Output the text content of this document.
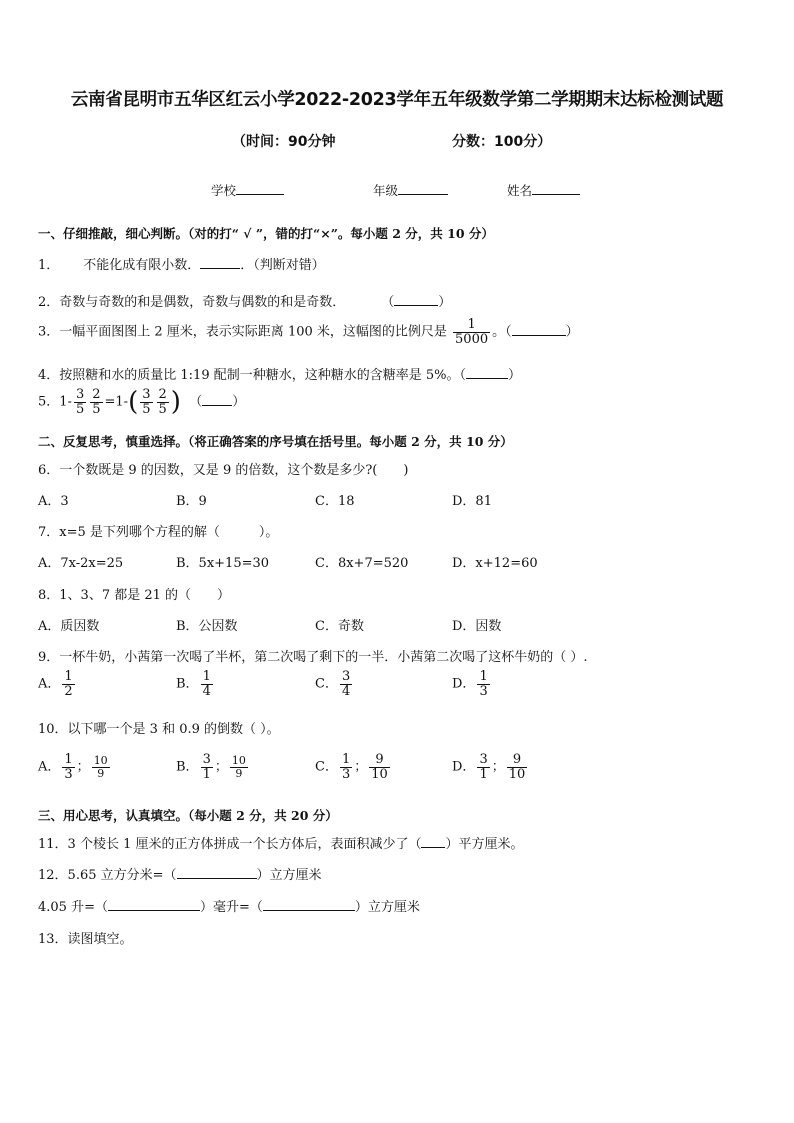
云南省昆明市五华区红云小学2022-2023学年五年级数学第二学期期末达标检测试题
（时间：90分钟	分数：100分）
学校	年级	姓名
一、仔细推敲，细心判断。（对的打“ √ ”，错的打“×”。每小题 2 分，共 10 分）
1． 不能化成有限小数．	．（判断对错）
2．奇数与奇数的和是偶数，奇数与偶数的和是奇数．	（	）
3．一幅平面图图上 2 厘米，表示实际距离 100 米，这幅图的比例尺是 $\frac{1}{5000}$ 。（	）
4．按照糖和水的质量比 1:19 配制一种糖水，这种糖水的含糖率是 5%。（	）
5．$1- \frac{3}{5} \frac{2}{5} =1-( \frac{3}{5} \frac{2}{5}$ ) （ ）
二、反复思考，慎重选择。（将正确答案的序号填在括号里。每小题 2 分，共 10 分）
6．一个数既是 9 的因数，又是 9 的倍数，这个数是多少?(　　)
A．3	B．9	C．18	D．81
7．x=5 是下列哪个方程的解（　　　）。
A．7x-2x=25	B．5x+15=30	C．8x+7=520	D．x+12=60
8．1、3、7 都是 21 的（　　）
A．质因数	B．公因数	C．奇数	D．因数
9．一杯牛奶，小茜第一次喝了半杯，第二次喝了剩下的一半．小茜第二次喝了这杯牛奶的（ ）.
A． $\frac{1}{2}$	B． $\frac{1}{4}$	C． $\frac{3}{4}$	D． $\frac{1}{3}$
10．以下哪一个是 3 和 0.9 的倒数（ ）。
A． $\frac{1}{3}$ ； $\frac{10}{9}$	B． $\frac{3}{1}$ ； $\frac{10}{9}$	C． $\frac{1}{3}$ ； $\frac{9}{10}$	D． $\frac{3}{1}$ ； $\frac{9}{10}$
三、用心思考，认真填空。（每小题 2 分，共 20 分）
11．3 个棱长 1 厘米的正方体拼成一个长方体后，表面积减少了（ ）平方厘米。
12．5.65 立方分米=（	）立方厘米
4.05 升=（	）毫升=（	）立方厘米
13．读图填空。
